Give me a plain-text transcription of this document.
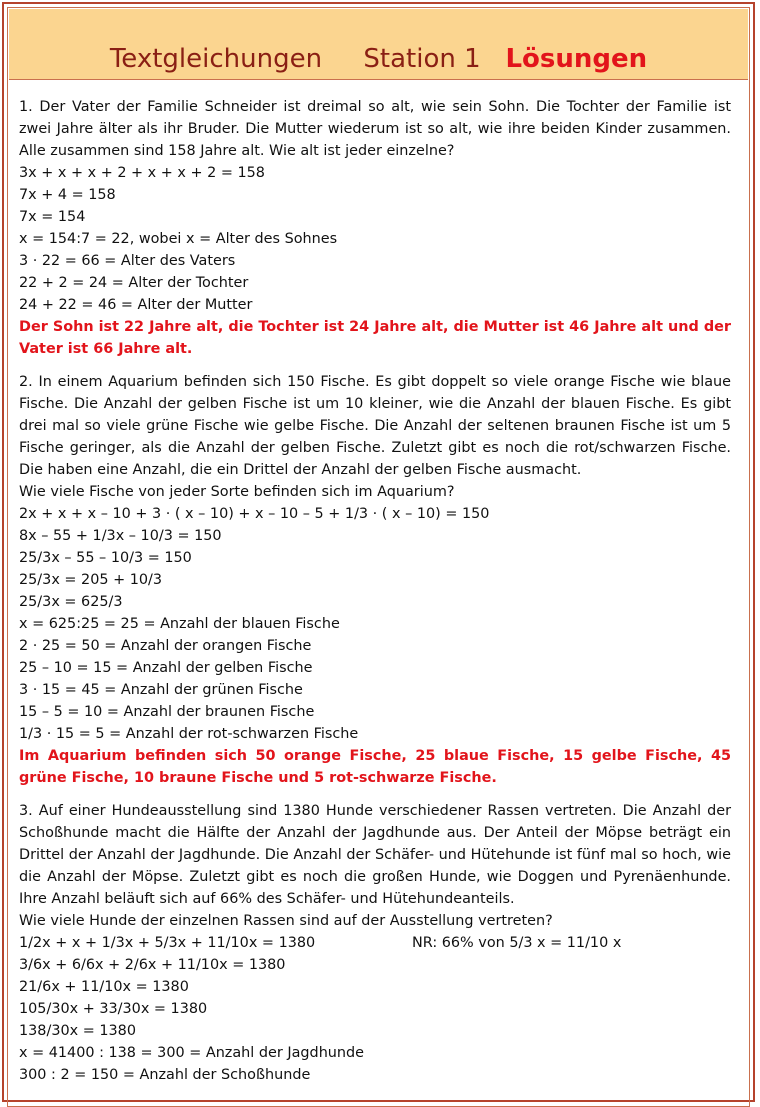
Textgleichungen Station 1 Lösungen

1. Der Vater der Familie Schneider ist dreimal so alt, wie sein Sohn. Die Tochter der Familie ist zwei Jahre älter als ihr Bruder. Die Mutter wiederum ist so alt, wie ihre beiden Kinder zusammen. Alle zusammen sind 158 Jahre alt. Wie alt ist jeder einzelne?

3x + x + x + 2 + x + x + 2 = 158

7x + 4 = 158

7x = 154

x = 154:7 = 22, wobei x = Alter des Sohnes

3 · 22 = 66 = Alter des Vaters

22 + 2 = 24 = Alter der Tochter

24 + 22 = 46 = Alter der Mutter

Der Sohn ist 22 Jahre alt, die Tochter ist 24 Jahre alt, die Mutter ist 46 Jahre alt und der Vater ist 66 Jahre alt.

2. In einem Aquarium befinden sich 150 Fische. Es gibt doppelt so viele orange Fische wie blaue Fische. Die Anzahl der gelben Fische ist um 10 kleiner, wie die Anzahl der blauen Fische. Es gibt drei mal so viele grüne Fische wie gelbe Fische. Die Anzahl der seltenen braunen Fische ist um 5 Fische geringer, als die Anzahl der gelben Fische. Zuletzt gibt es noch die rot/schwarzen Fische. Die haben eine Anzahl, die ein Drittel der Anzahl der gelben Fische ausmacht.

Wie viele Fische von jeder Sorte befinden sich im Aquarium?

2x + x + x – 10 + 3 · ( x – 10) + x – 10 – 5 + 1/3 · ( x – 10) = 150

8x – 55 + 1/3x – 10/3 = 150

25/3x – 55 – 10/3 = 150

25/3x = 205 + 10/3

25/3x = 625/3

x = 625:25 = 25 = Anzahl der blauen Fische

2 · 25 = 50 = Anzahl der orangen Fische

25 – 10 = 15 = Anzahl der gelben Fische

3 · 15 = 45 = Anzahl der grünen Fische

15 – 5 = 10 = Anzahl der braunen Fische

1/3 · 15 = 5 = Anzahl der rot-schwarzen Fische

Im Aquarium befinden sich 50 orange Fische, 25 blaue Fische, 15 gelbe Fische, 45 grüne Fische, 10 braune Fische und 5 rot-schwarze Fische.

3. Auf einer Hundeausstellung sind 1380 Hunde verschiedener Rassen vertreten. Die Anzahl der Schoßhunde macht die Hälfte der Anzahl der Jagdhunde aus. Der Anteil der Möpse beträgt ein Drittel der Anzahl der Jagdhunde. Die Anzahl der Schäfer- und Hütehunde ist fünf mal so hoch, wie die Anzahl der Möpse. Zuletzt gibt es noch die großen Hunde, wie Doggen und Pyrenäenhunde. Ihre Anzahl beläuft sich auf 66% des Schäfer- und Hütehundeanteils.

Wie viele Hunde der einzelnen Rassen sind auf der Ausstellung vertreten?

1/2x + x + 1/3x + 5/3x + 11/10x = 1380	NR: 66% von 5/3 x = 11/10 x

3/6x + 6/6x + 2/6x + 11/10x = 1380

21/6x + 11/10x = 1380

105/30x + 33/30x = 1380

138/30x = 1380

x = 41400 : 138 = 300 = Anzahl der Jagdhunde

300 : 2 = 150 = Anzahl der Schoßhunde
